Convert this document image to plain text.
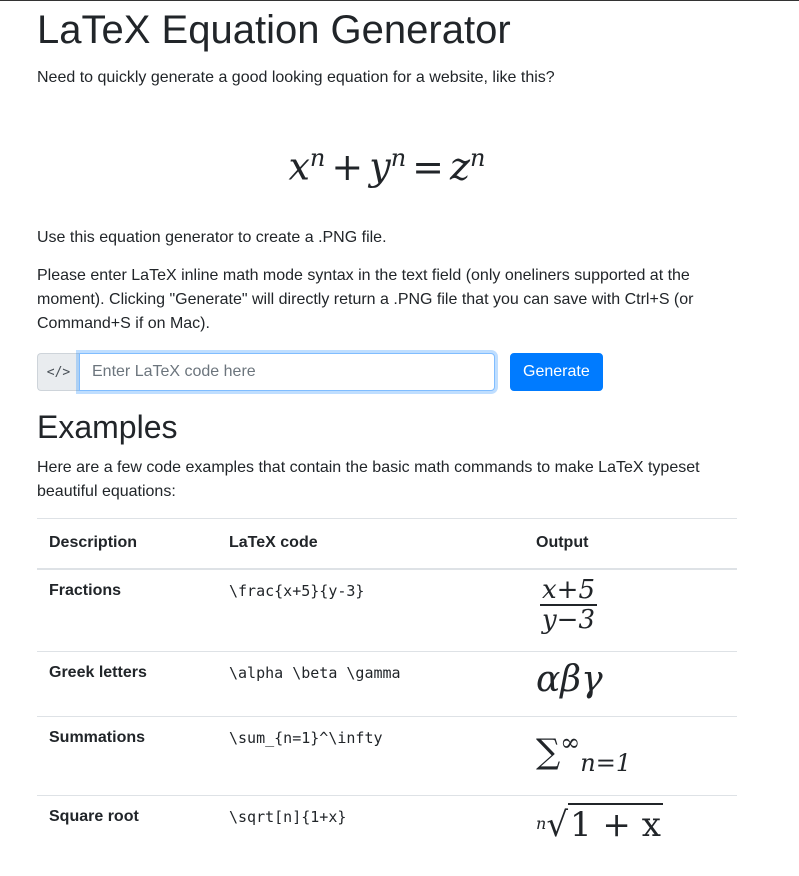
LaTeX Equation Generator

Need to quickly generate a good looking equation for a website, like this?

$x^n + y^n = z^n$

Use this equation generator to create a .PNG file.

Please enter LaTeX inline math mode syntax in the text field (only oneliners supported at the moment). Clicking "Generate" will directly return a .PNG file that you can save with Ctrl+S (or Command+S if on Mac).

</>
Enter LaTeX code here	Generate
Examples

Here are a few code examples that contain the basic math commands to make LaTeX typeset beautiful equations:

Description	LaTeX code	Output
Fractions	\frac{x+5}{y-3}	$\frac{x+5}{y-3}$

Greek letters	\alpha \beta \gamma	αβγ
Summations	\sum_{n=1}^\infty	$\sum^\infty_{n=1}$
Square root	\sqrt[n]{1+x}	$^n$√1 + x
